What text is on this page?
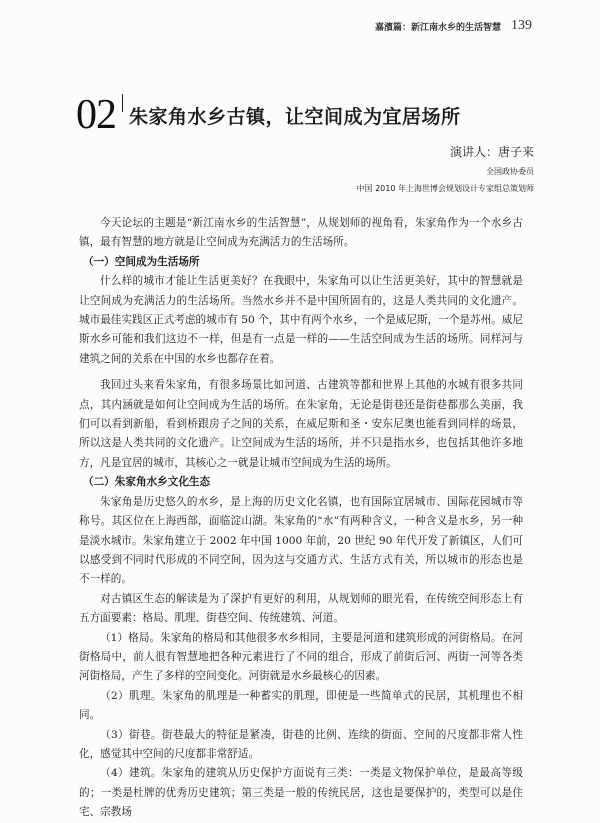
嘉濱篇：新江南水乡的生活智慧 139
02 朱家角水乡古镇，让空间成为宜居场所
演讲人：唐子来
全国政协委员
中国 2010 年上海世博会规划设计专家组总策划师

今天论坛的主题是“新江南水乡的生活智慧”，从规划师的视角看，朱家角作为一个水乡古镇，最有智慧的地方就是让空间成为充满活力的生活场所。

（一）空间成为生活场所

什么样的城市才能让生活更美好？在我眼中，朱家角可以让生活更美好，其中的智慧就是让空间成为充满活力的生活场所。当然水乡并不是中国所固有的，这是人类共同的文化遗产。城市最佳实践区正式考虑的城市有 50 个，其中有两个水乡，一个是威尼斯，一个是苏州。威尼斯水乡可能和我们这边不一样，但是有一点是一样的——生活空间成为生活的场所。同样河与建筑之间的关系在中国的水乡也都存在着。

我回过头来看朱家角，有很多场景比如河道、古建筑等都和世界上其他的水城有很多共同点，其内涵就是如何让空间成为生活的场所。在朱家角，无论是街巷还是街巷都那么美丽，我们可以看到新船，看到桥跟房子之间的关系，在威尼斯和圣・安东尼奥也能看到同样的场景，所以这是人类共同的文化遗产。让空间成为生活的场所，并不只是指水乡，也包括其他许多地方，凡是宜居的城市，其核心之一就是让城市空间成为生活的场所。

（二）朱家角水乡文化生态

朱家角是历史悠久的水乡，是上海的历史文化名镇，也有国际宜居城市、国际花园城市等称号。其区位在上海西部，面临淀山湖。朱家角的“水”有两种含义，一种含义是水乡，另一种是淡水城市。朱家角建立于 2002 年中国 1000 年前，20 世纪 90 年代开发了新镇区，人们可以感受到不同时代形成的不同空间，因为这与交通方式、生活方式有关，所以城市的形态也是不一样的。

对古镇区生态的解读是为了深护有更好的利用，从规划师的眼光看，在传统空间形态上有五方面要素：格局、肌理、街巷空间、传统建筑、河道。

（1）格局。朱家角的格局和其他很多水乡相同，主要是河道和建筑形成的河街格局。在河街格局中，前人很有智慧地把各种元素进行了不同的组合，形成了前街后河、两街一河等各类河街格局，产生了多样的空间变化。河街就是水乡最核心的因素。

（2）肌理。朱家角的肌理是一种蓄实的肌理，即使是一些简单式的民居，其机理也不相同。

（3）街巷。街巷最大的特征是紧凑，街巷的比例、连续的街面、空间的尺度都非常人性化，感觉其中空间的尺度都非常舒适。

（4）建筑。朱家角的建筑从历史保护方面说有三类：一类是文物保护单位，是最高等级的；一类是杜牌的优秀历史建筑；第三类是一般的传统民居，这也是要保护的，类型可以是住宅、宗教场
